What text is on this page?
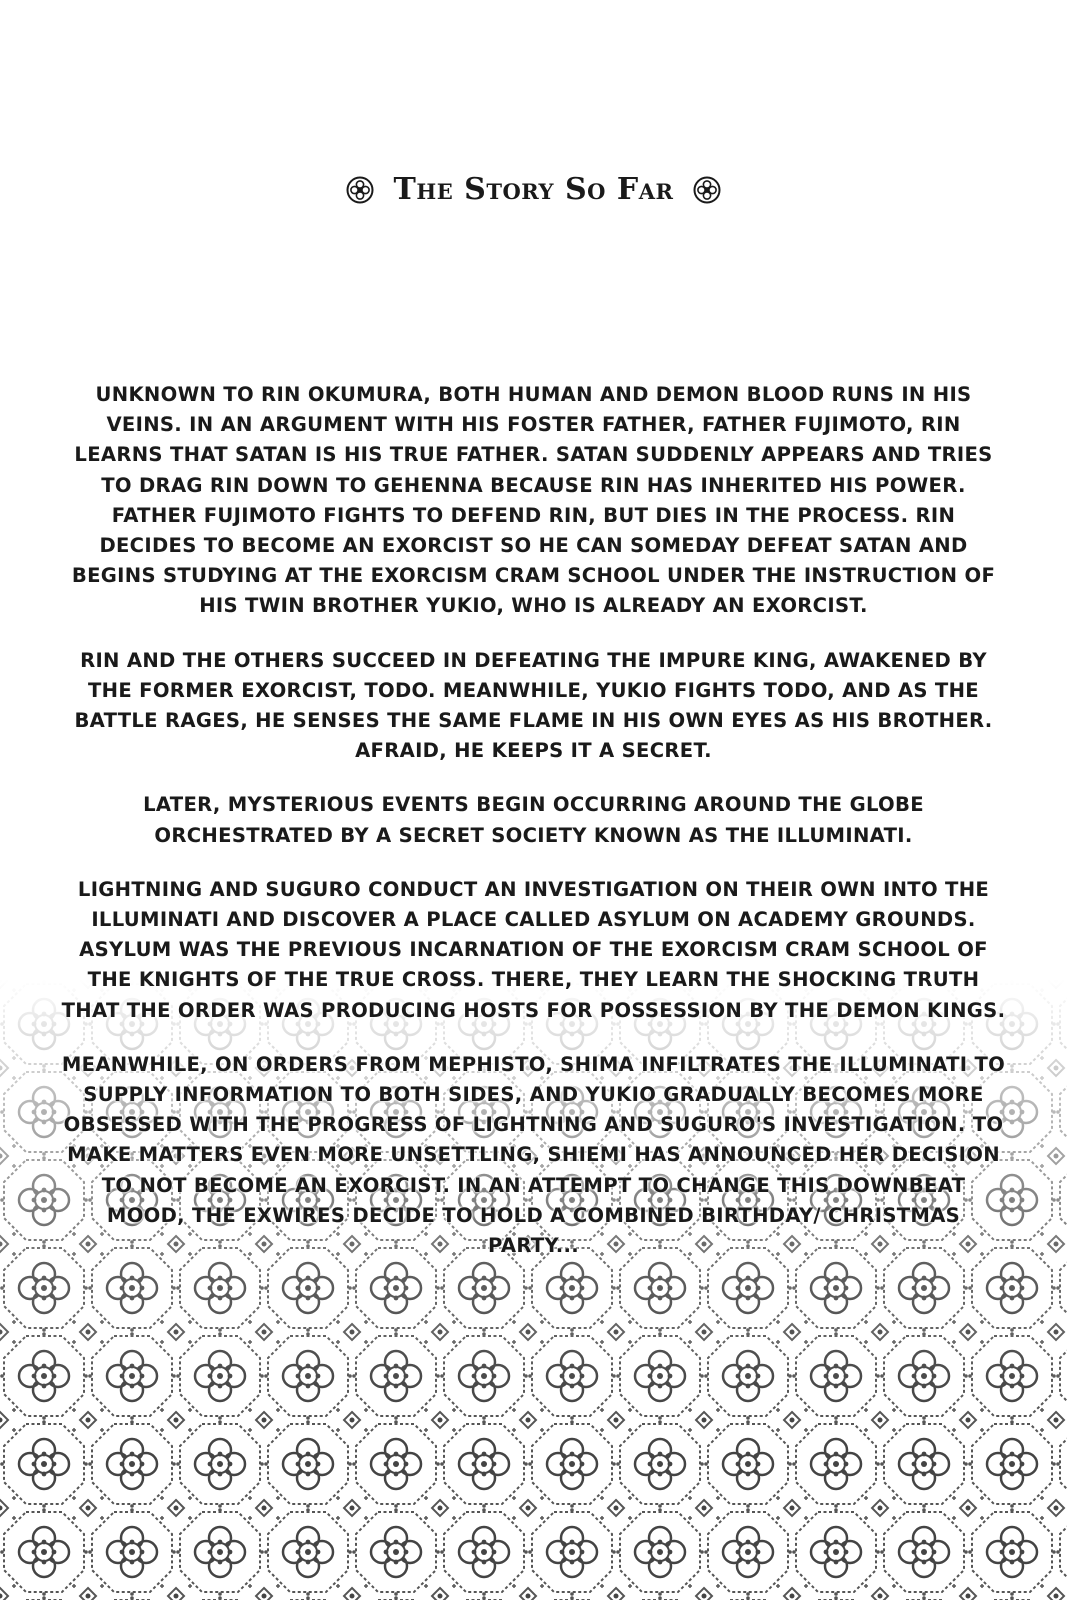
The Story So Far

UNKNOWN TO RIN OKUMURA, BOTH HUMAN AND DEMON BLOOD RUNS IN HIS VEINS. IN AN ARGUMENT WITH HIS FOSTER FATHER, FATHER FUJIMOTO, RIN LEARNS THAT SATAN IS HIS TRUE FATHER. SATAN SUDDENLY APPEARS AND TRIES TO DRAG RIN DOWN TO GEHENNA BECAUSE RIN HAS INHERITED HIS POWER. FATHER FUJIMOTO FIGHTS TO DEFEND RIN, BUT DIES IN THE PROCESS. RIN DECIDES TO BECOME AN EXORCIST SO HE CAN SOMEDAY DEFEAT SATAN AND BEGINS STUDYING AT THE EXORCISM CRAM SCHOOL UNDER THE INSTRUCTION OF HIS TWIN BROTHER YUKIO, WHO IS ALREADY AN EXORCIST.

RIN AND THE OTHERS SUCCEED IN DEFEATING THE IMPURE KING, AWAKENED BY THE FORMER EXORCIST, TODO. MEANWHILE, YUKIO FIGHTS TODO, AND AS THE BATTLE RAGES, HE SENSES THE SAME FLAME IN HIS OWN EYES AS HIS BROTHER. AFRAID, HE KEEPS IT A SECRET.

LATER, MYSTERIOUS EVENTS BEGIN OCCURRING AROUND THE GLOBE ORCHESTRATED BY A SECRET SOCIETY KNOWN AS THE ILLUMINATI.

LIGHTNING AND SUGURO CONDUCT AN INVESTIGATION ON THEIR OWN INTO THE ILLUMINATI AND DISCOVER A PLACE CALLED ASYLUM ON ACADEMY GROUNDS. ASYLUM WAS THE PREVIOUS INCARNATION OF THE EXORCISM CRAM SCHOOL OF THE KNIGHTS OF THE TRUE CROSS. THERE, THEY LEARN THE SHOCKING TRUTH THAT THE ORDER WAS PRODUCING HOSTS FOR POSSESSION BY THE DEMON KINGS.

MEANWHILE, ON ORDERS FROM MEPHISTO, SHIMA INFILTRATES THE ILLUMINATI TO SUPPLY INFORMATION TO BOTH SIDES, AND YUKIO GRADUALLY BECOMES MORE OBSESSED WITH THE PROGRESS OF LIGHTNING AND SUGURO'S INVESTIGATION. TO MAKE MATTERS EVEN MORE UNSETTLING, SHIEMI HAS ANNOUNCED HER DECISION TO NOT BECOME AN EXORCIST. IN AN ATTEMPT TO CHANGE THIS DOWNBEAT MOOD, THE EXWIRES DECIDE TO HOLD A COMBINED BIRTHDAY/ CHRISTMAS PARTY...
